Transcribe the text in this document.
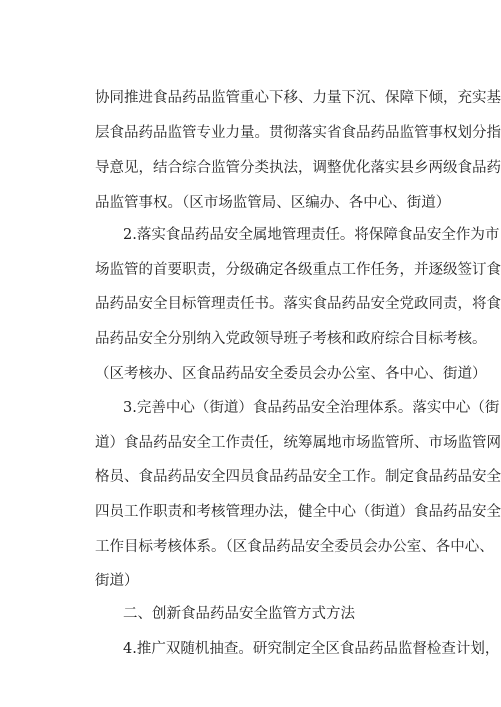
协同推进食品药品监管重心下移、力量下沉、保障下倾，充实基
层食品药品监管专业力量。贯彻落实省食品药品监管事权划分指
导意见，结合综合监管分类执法，调整优化落实县乡两级食品药
品监管事权。（区市场监管局、区编办、各中心、街道）
2.落实食品药品安全属地管理责任。将保障食品安全作为市
场监管的首要职责，分级确定各级重点工作任务，并逐级签订食
品药品安全目标管理责任书。落实食品药品安全党政同责，将食
品药品安全分别纳入党政领导班子考核和政府综合目标考核。
（区考核办、区食品药品安全委员会办公室、各中心、街道）
3.完善中心（街道）食品药品安全治理体系。落实中心（街
道）食品药品安全工作责任，统筹属地市场监管所、市场监管网
格员、食品药品安全四员食品药品安全工作。制定食品药品安全
四员工作职责和考核管理办法，健全中心（街道）食品药品安全
工作目标考核体系。（区食品药品安全委员会办公室、各中心、
街道）
二、创新食品药品安全监管方式方法
4.推广双随机抽查。研究制定全区食品药品监督检查计划，
